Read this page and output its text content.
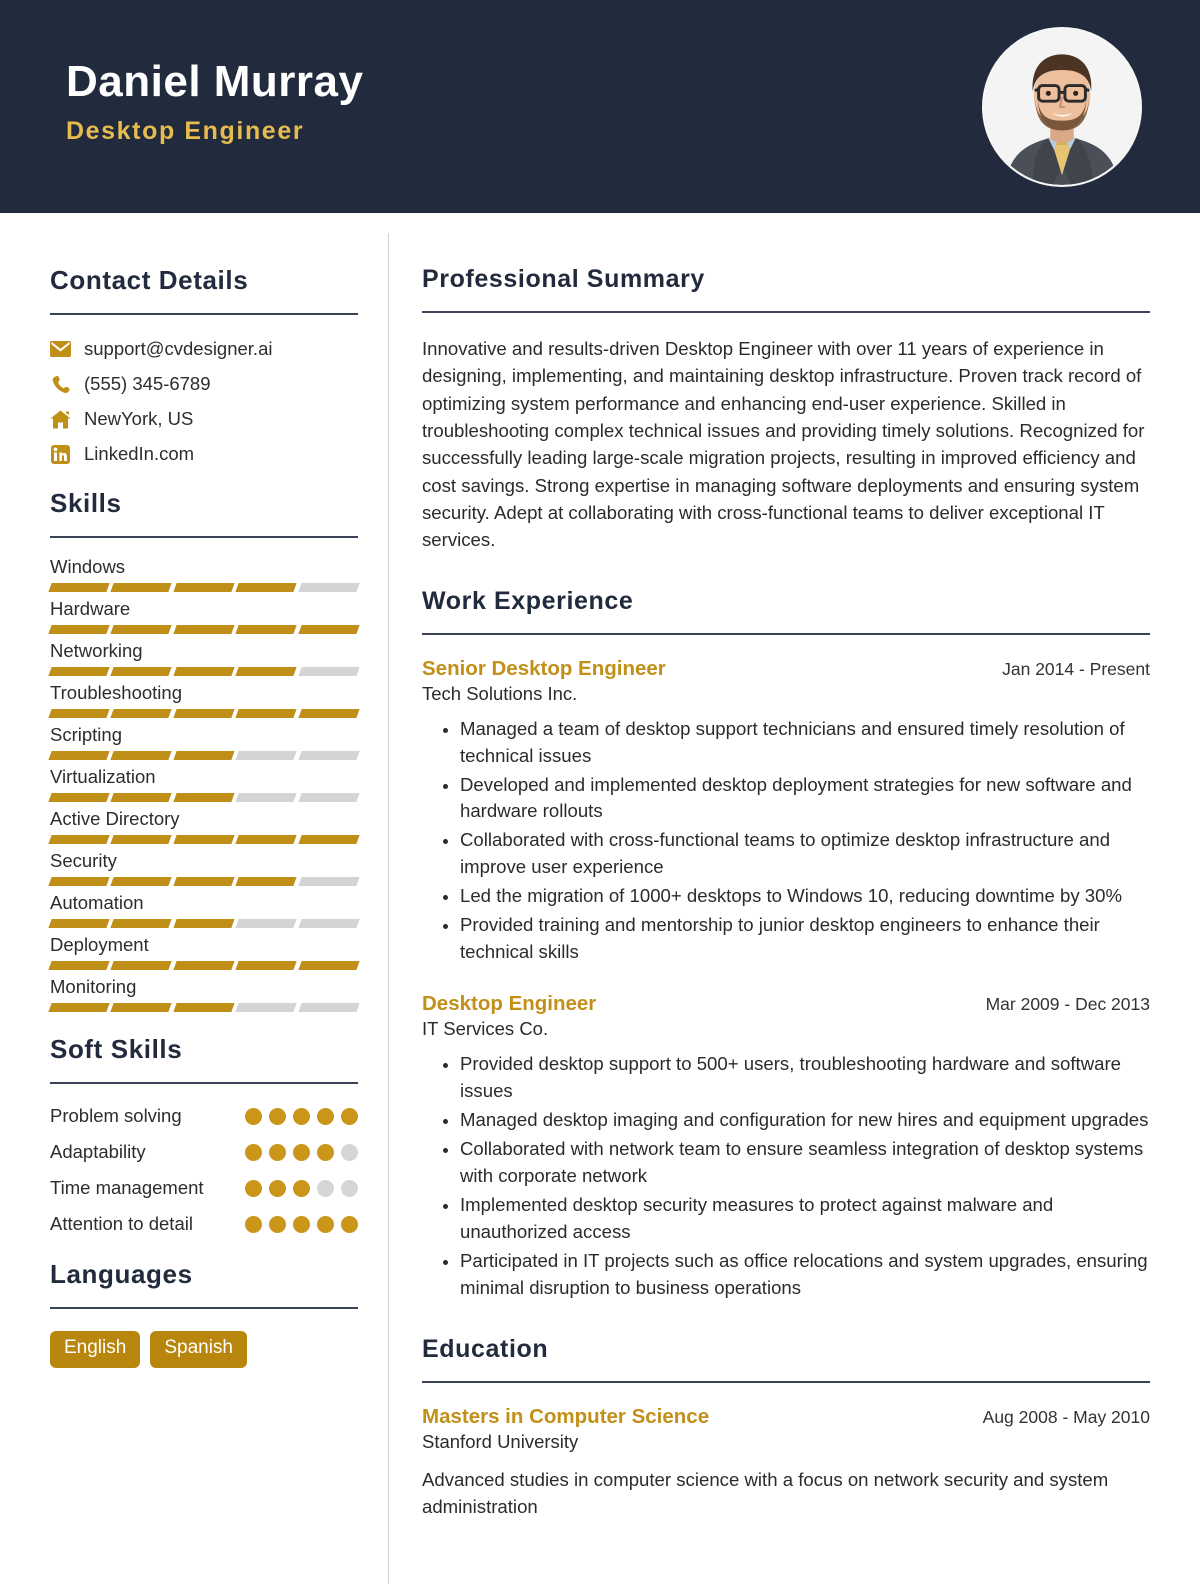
Daniel Murray
Desktop Engineer
Contact Details
support@cvdesigner.ai
(555) 345-6789
NewYork, US
LinkedIn.com
Skills
Windows
Hardware
Networking
Troubleshooting
Scripting
Virtualization
Active Directory
Security
Automation
Deployment
Monitoring
Soft Skills
Problem solving
Adaptability
Time management
Attention to detail
Languages
English	Spanish
Professional Summary

Innovative and results-driven Desktop Engineer with over 11 years of experience in designing, implementing, and maintaining desktop infrastructure. Proven track record of optimizing system performance and enhancing end-user experience. Skilled in troubleshooting complex technical issues and providing timely solutions. Recognized for successfully leading large-scale migration projects, resulting in improved efficiency and cost savings. Strong expertise in managing software deployments and ensuring system security. Adept at collaborating with cross-functional teams to deliver exceptional IT services.

Work Experience
Senior Desktop Engineer	Jan 2014 - Present
Tech Solutions Inc.
• Managed a team of desktop support technicians and ensured timely resolution of technical issues
• Developed and implemented desktop deployment strategies for new software and hardware rollouts
• Collaborated with cross-functional teams to optimize desktop infrastructure and improve user experience
• Led the migration of 1000+ desktops to Windows 10, reducing downtime by 30%
• Provided training and mentorship to junior desktop engineers to enhance their technical skills
Desktop Engineer	Mar 2009 - Dec 2013
IT Services Co.
• Provided desktop support to 500+ users, troubleshooting hardware and software issues
• Managed desktop imaging and configuration for new hires and equipment upgrades
• Collaborated with network team to ensure seamless integration of desktop systems with corporate network
• Implemented desktop security measures to protect against malware and unauthorized access
• Participated in IT projects such as office relocations and system upgrades, ensuring minimal disruption to business operations
Education
Masters in Computer Science	Aug 2008 - May 2010
Stanford University
Advanced studies in computer science with a focus on network security and system administration
